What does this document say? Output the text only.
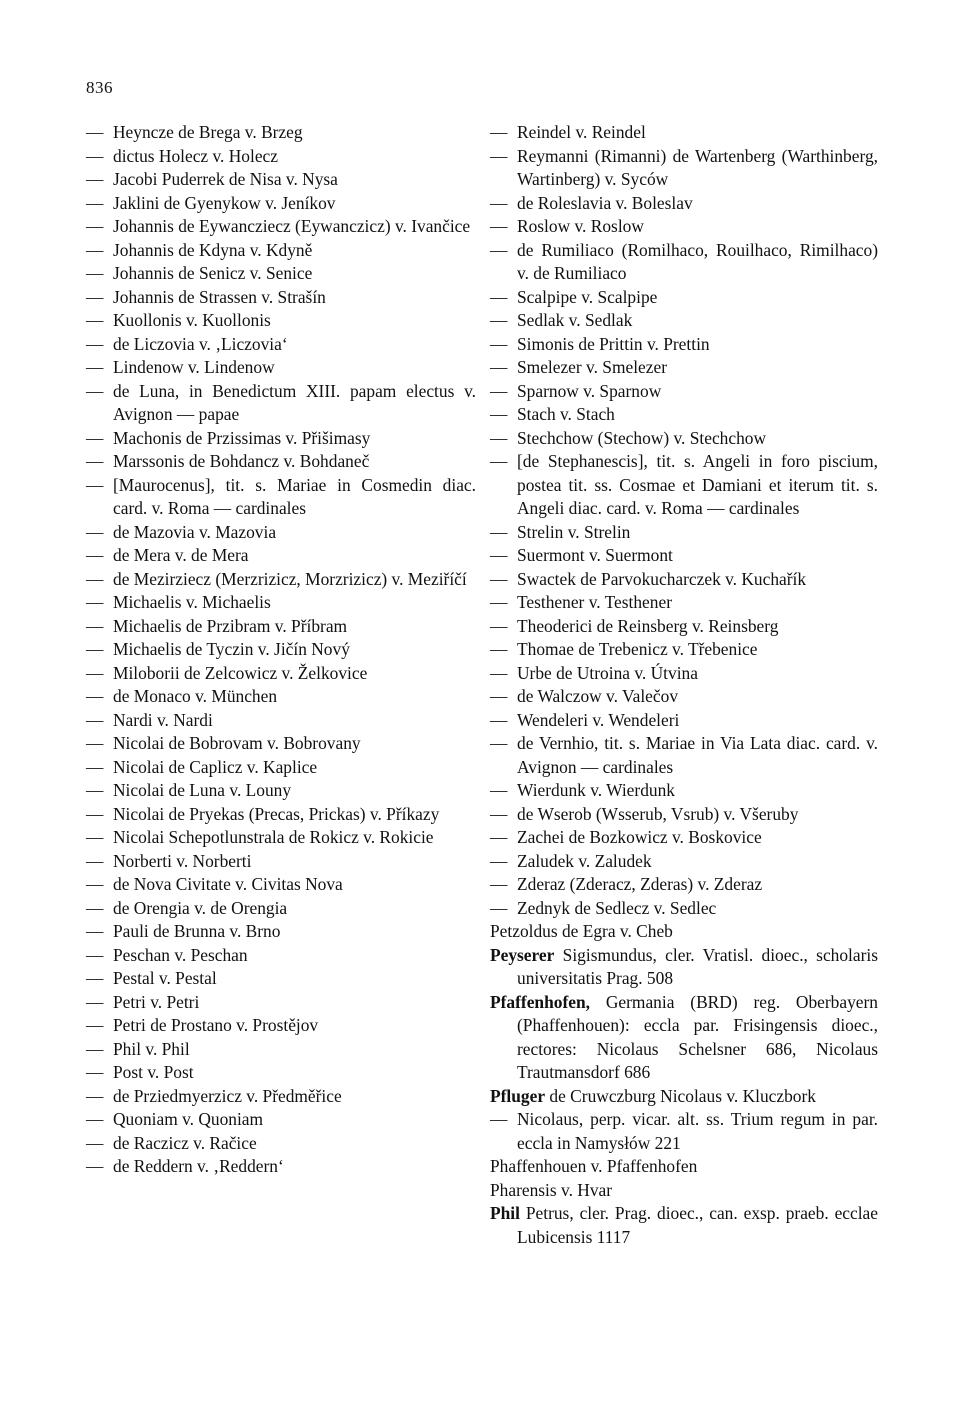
836
— Heyncze de Brega v. Brzeg
— dictus Holecz v. Holecz
— Jacobi Puderrek de Nisa v. Nysa
— Jaklini de Gyenykow v. Jeníkov
— Johannis de Eywancziecz (Eywanczicz) v. Ivančice
— Johannis de Kdyna v. Kdyně
— Johannis de Senicz v. Senice
— Johannis de Strassen v. Strašín
— Kuollonis v. Kuollonis
— de Liczovia v. ‚Liczovia‘
— Lindenow v. Lindenow
— de Luna, in Benedictum XIII. papam electus v. Avignon — papae
— Machonis de Przissimas v. Přišimasy
— Marssonis de Bohdancz v. Bohdaneč
— [Maurocenus], tit. s. Mariae in Cosmedin diac. card. v. Roma — cardinales
— de Mazovia v. Mazovia
— de Mera v. de Mera
— de Mezirziecz (Merzrizicz, Morzrizicz) v. Meziříčí
— Michaelis v. Michaelis
— Michaelis de Przibram v. Příbram
— Michaelis de Tyczin v. Jičín Nový
— Miloborii de Zelcowicz v. Želkovice
— de Monaco v. München
— Nardi v. Nardi
— Nicolai de Bobrovam v. Bobrovany
— Nicolai de Caplicz v. Kaplice
— Nicolai de Luna v. Louny
— Nicolai de Pryekas (Precas, Prickas) v. Příkazy
— Nicolai Schepotlunstrala de Rokicz v. Rokicie
— Norberti v. Norberti
— de Nova Civitate v. Civitas Nova
— de Orengia v. de Orengia
— Pauli de Brunna v. Brno
— Peschan v. Peschan
— Pestal v. Pestal
— Petri v. Petri
— Petri de Prostano v. Prostějov
— Phil v. Phil
— Post v. Post
— de Prziedmyerzicz v. Předměřice
— Quoniam v. Quoniam
— de Raczicz v. Račice
— de Reddern v. ‚Reddern‘
— Reindel v. Reindel
— Reymanni (Rimanni) de Wartenberg (Warthinberg, Wartinberg) v. Syców
— de Roleslavia v. Boleslav
— Roslow v. Roslow
— de Rumiliaco (Romilhaco, Rouilhaco, Rimilhaco) v. de Rumiliaco
— Scalpipe v. Scalpipe
— Sedlak v. Sedlak
— Simonis de Prittin v. Prettin
— Smelezer v. Smelezer
— Sparnow v. Sparnow
— Stach v. Stach
— Stechchow (Stechow) v. Stechchow
— [de Stephanescis], tit. s. Angeli in foro piscium, postea tit. ss. Cosmae et Damiani et iterum tit. s. Angeli diac. card. v. Roma — cardinales
— Strelin v. Strelin
— Suermont v. Suermont
— Swactek de Parvokucharczek v. Kuchařík
— Testhener v. Testhener
— Theoderici de Reinsberg v. Reinsberg
— Thomae de Trebenicz v. Třebenice
— Urbe de Utroina v. Útvina
— de Walczow v. Valečov
— Wendeleri v. Wendeleri
— de Vernhio, tit. s. Mariae in Via Lata diac. card. v. Avignon — cardinales
— Wierdunk v. Wierdunk
— de Wserob (Wsserub, Vsrub) v. Všeruby
— Zachei de Bozkowicz v. Boskovice
— Zaludek v. Zaludek
— Zderaz (Zderacz, Zderas) v. Zderaz
— Zednyk de Sedlecz v. Sedlec
Petzoldus de Egra v. Cheb
Peyserer Sigismundus, cler. Vratisl. dioec., scholaris universitatis Prag. 508
Pfaffenhofen, Germania (BRD) reg. Oberbayern (Phaffenhouen): eccla par. Frisingensis dioec., rectores: Nicolaus Schelsner 686, Nicolaus Trautmansdorf 686
Pfluger de Cruwczburg Nicolaus v. Kluczbork
— Nicolaus, perp. vicar. alt. ss. Trium regum in par. eccla in Namysłów 221
Phaffenhouen v. Pfaffenhofen
Pharensis v. Hvar
Phil Petrus, cler. Prag. dioec., can. exsp. praeb. ecclae Lubicensis 1117
